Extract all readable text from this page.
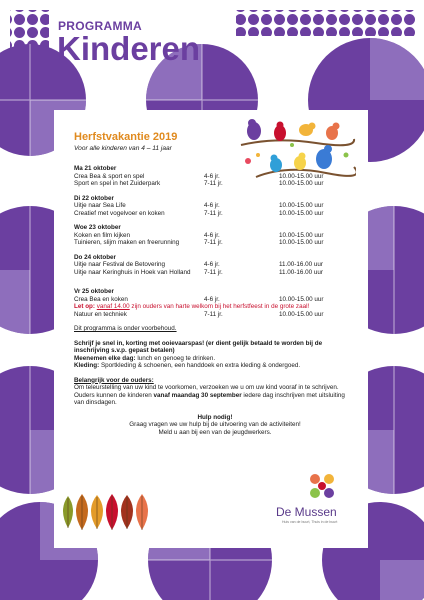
PROGRAMMA
Kinderen
Herfstvakantie 2019
Voor alle kinderen van 4 – 11 jaar
Ma 21 oktober
Crea Bea & sport en spel	4-6 jr.	10.00-15.00 uur
Sport en spel in het Zuiderpark	7-11 jr.	10.00-15.00 uur
Di 22 oktober
Uitje naar Sea Life	4-6 jr.	10.00-15.00 uur
Creatief met vogelvoer en koken	7-11 jr.	10.00-15.00 uur
Woe 23 oktober
Koken en film kijken	4-6 jr.	10.00-15.00 uur
Tuinieren, slijm maken en freerunning	7-11 jr.	10.00-15.00 uur
Do 24 oktober
Uitje naar Festival de Betovering	4-6 jr.	11.00-16.00 uur
Uitje naar Keringhuis in Hoek van Holland 7-11 jr.	11.00-16.00 uur
Vr 25 oktober
Crea Bea en koken	4-6 jr.	10.00-15.00 uur
Let op: vanaf 14.00 zijn ouders van harte welkom bij het herfstfeest in de grote zaal!
Natuur en techniek	7-11 jr.	10.00-15.00 uur
Dit programma is onder voorbehoud.
Schrijf je snel in, korting met ooievaarspas! (er dient gelijk betaald te worden bij de inschrijving s.v.p. gepast betalen)
Meenemen elke dag: lunch en genoeg te drinken.
Kleding: Sportkleding & schoenen, een handdoek en extra kleding & ondergoed.
Belangrijk voor de ouders:
Om teleurstelling van uw kind te voorkomen, verzoeken we u om uw kind vooraf in te schrijven. Ouders kunnen de kinderen vanaf maandag 30 september iedere dag inschrijven met uitsluiting van dinsdagen.
Hulp nodig!
Graag vragen we uw hulp bij de uitvoering van de activiteiten!
Meld u aan bij een van de jeugdwerkers.
De Mussen
Huis van de buurt, Thuis in de buurt
